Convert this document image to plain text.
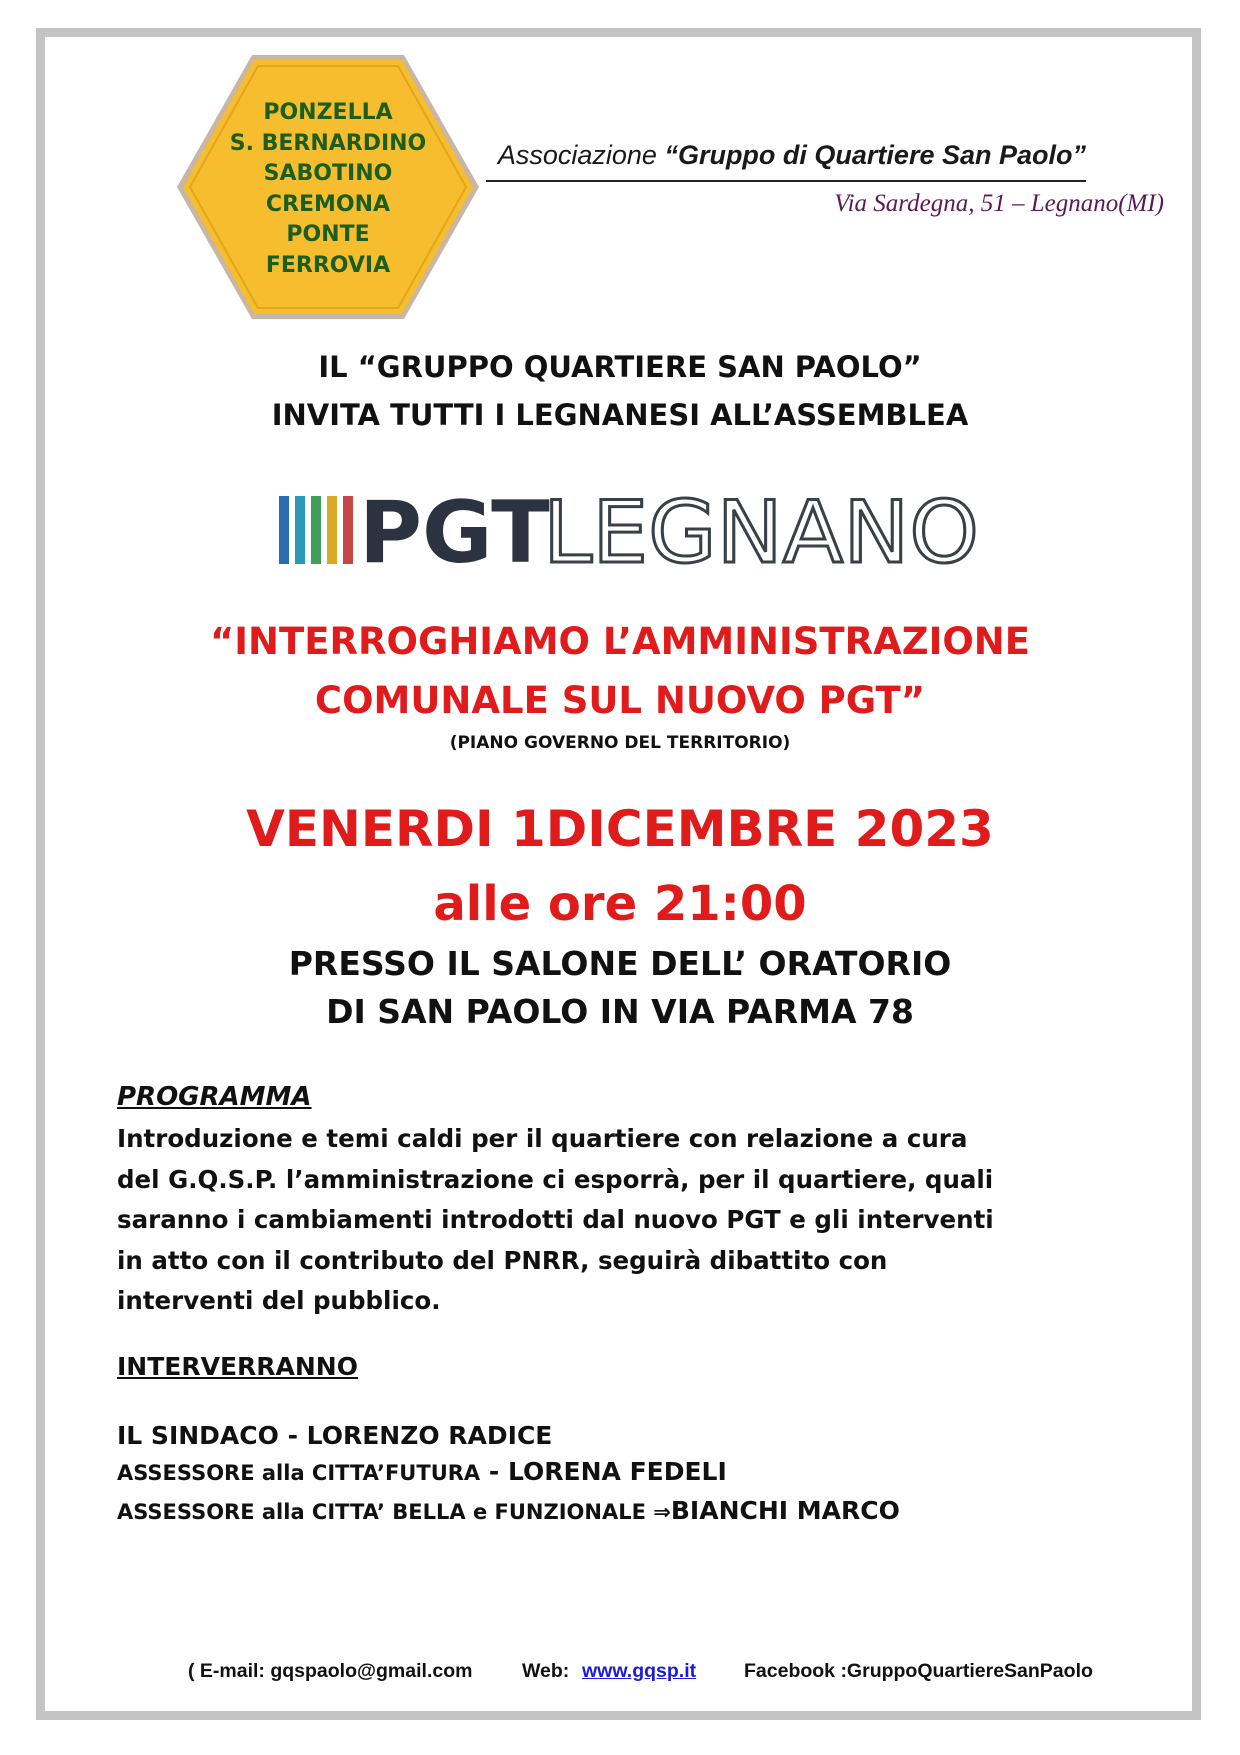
PONZELLA
S. BERNARDINO
SABOTINO
CREMONA
PONTE
FERROVIA
Associazione “Gruppo di Quartiere San Paolo”
Via Sardegna, 51 – Legnano(MI)
IL “GRUPPO QUARTIERE SAN PAOLO”
INVITA TUTTI I LEGNANESI ALL’ASSEMBLEA
PGT
LEGNANO
“INTERROGHIAMO L’AMMINISTRAZIONE
COMUNALE SUL NUOVO PGT”
(PIANO GOVERNO DEL TERRITORIO)
VENERDI 1DICEMBRE 2023
alle ore 21:00
PRESSO IL SALONE DELL’ ORATORIO
DI SAN PAOLO IN VIA PARMA 78
PROGRAMMA
Introduzione e temi caldi per il quartiere con relazione a cura
del G.Q.S.P. l’amministrazione ci esporrà, per il quartiere, quali
saranno i cambiamenti introdotti dal nuovo PGT e gli interventi
in atto con il contributo del PNRR, seguirà dibattito con
interventi del pubblico.
INTERVERRANNO
IL SINDACO - LORENZO RADICE
ASSESSORE alla CITTA’FUTURA - LORENA FEDELI
ASSESSORE alla CITTA’ BELLA e FUNZIONALE ⇒BIANCHI MARCO
( E-mail: gqspaolo@gmail.com	Web: www.gqsp.it Facebook :GruppoQuartiereSanPaolo
